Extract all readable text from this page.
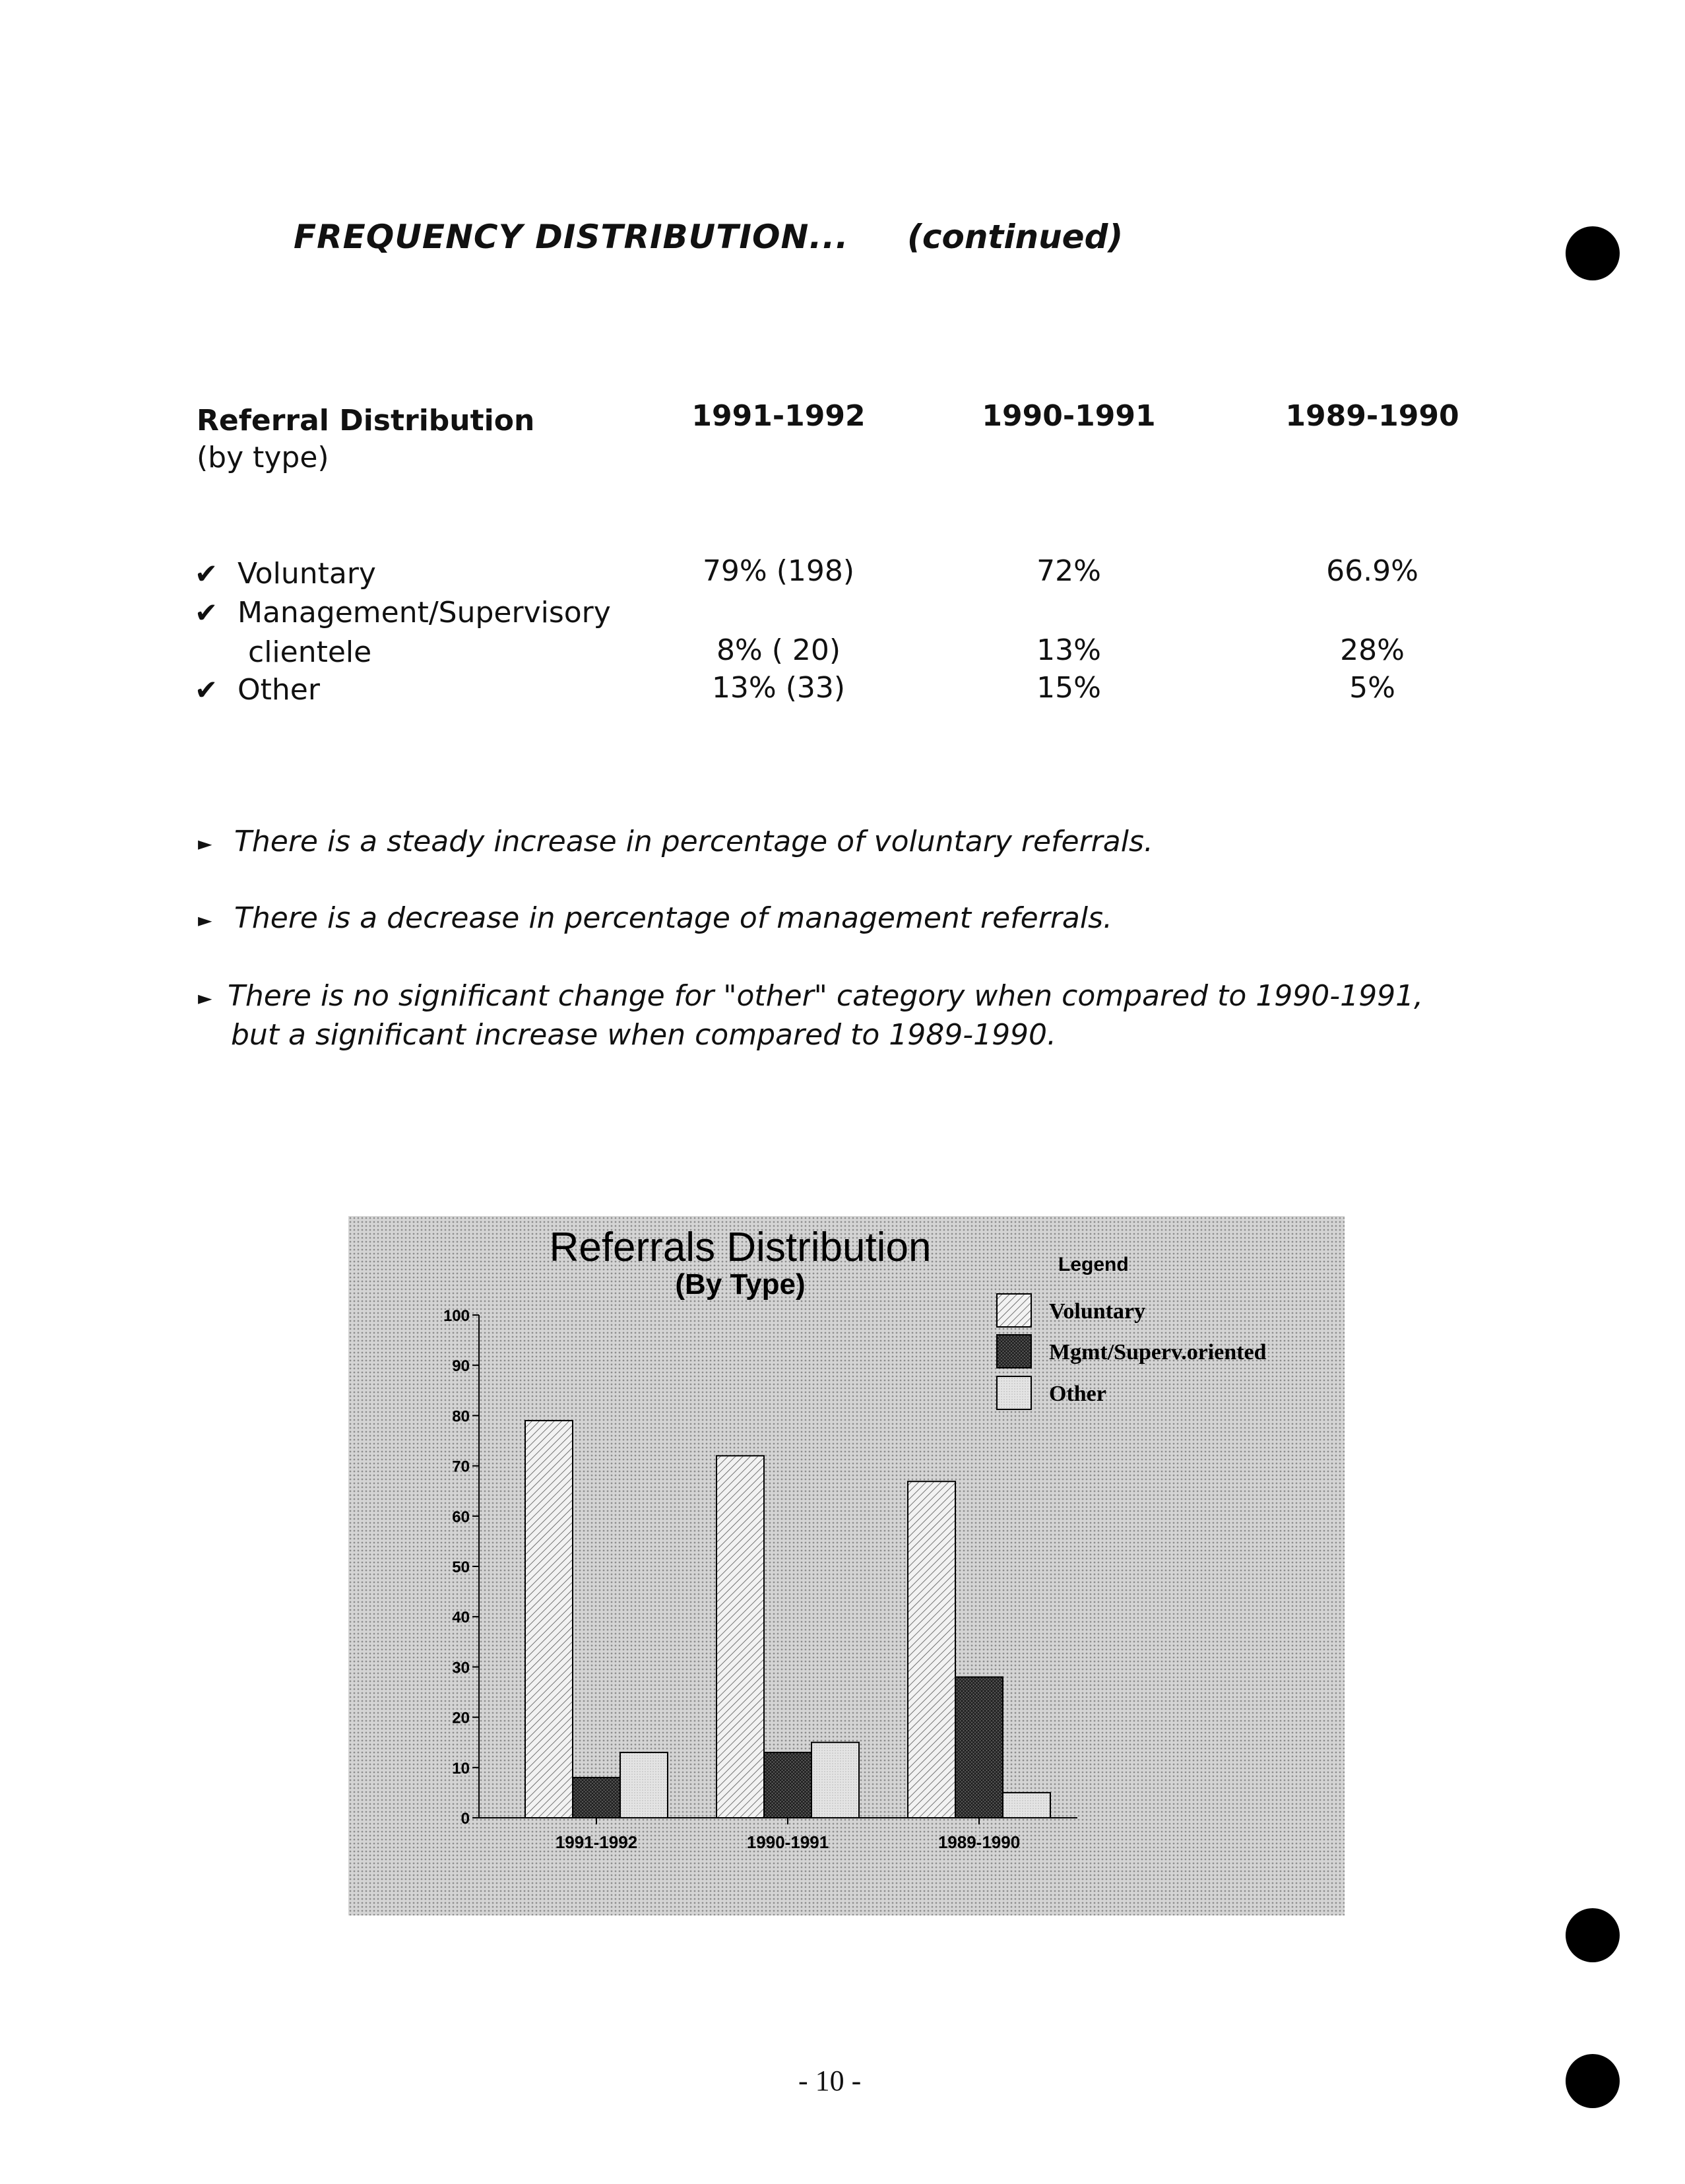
FREQUENCY DISTRIBUTION... (continued)
Referral Distribution
(by type)
1991-1992	1990-1991	1989-1990
✔ Voluntary	79% (198)	72%	66.9%
✔ Management/Supervisory
clientele	8% ( 20)	13%	28%
✔ Other	13% (33)	15%	5%
► There is a steady increase in percentage of voluntary referrals.
► There is a decrease in percentage of management referrals.
► There is no significant change for "other" category when compared to 1990-1991,
but a significant increase when compared to 1989-1990.
Referrals Distribution
(By Type)
Legend
Voluntary
Mgmt/Superv.oriented
Other
0
10
20
30
40
50
60
70
80
90
100
1991-1992	1990-1991	1989-1990
- 10 -
